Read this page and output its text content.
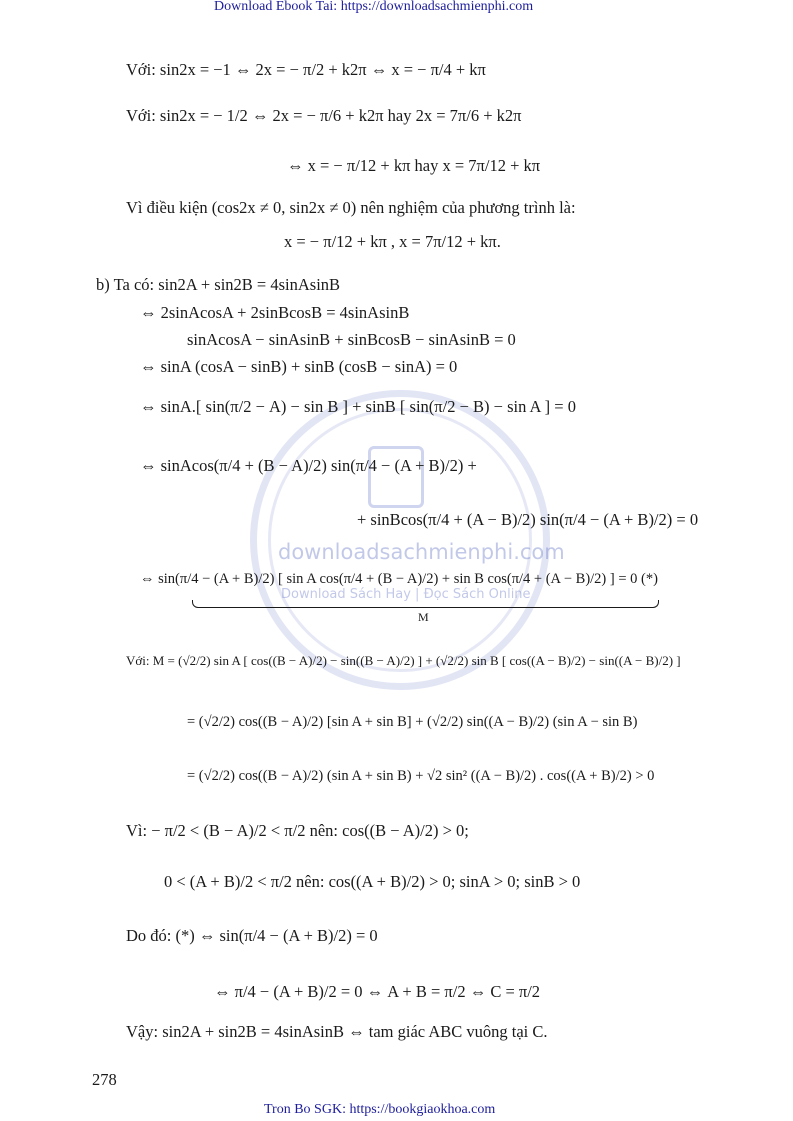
downloadsachmienphi.com
Download Sách Hay | Đọc Sách Online
Download Ebook Tai: https://downloadsachmienphi.com
Với: sin2x = −1 ⇔ 2x = − π/2 + k2π ⇔ x = − π/4 + kπ
Với: sin2x = − 1/2 ⇔ 2x = − π/6 + k2π hay 2x = 7π/6 + k2π
⇔ x = − π/12 + kπ hay x = 7π/12 + kπ
Vì điều kiện (cos2x ≠ 0, sin2x ≠ 0) nên nghiệm của phương trình là:
x = − π/12 + kπ , x = 7π/12 + kπ.
b) Ta có: sin2A + sin2B = 4sinAsinB
⇔ 2sinAcosA + 2sinBcosB = 4sinAsinB
sinAcosA − sinAsinB + sinBcosB − sinAsinB = 0
⇔ sinA (cosA − sinB) + sinB (cosB − sinA) = 0
⇔ sinA.[ sin(π/2 − A) − sin B ] + sinB [ sin(π/2 − B) − sin A ] = 0
⇔ sinAcos(π/4 + (B − A)/2) sin(π/4 − (A + B)/2) +
+ sinBcos(π/4 + (A − B)/2) sin(π/4 − (A + B)/2) = 0
⇔ sin(π/4 − (A + B)/2) [ sin A cos(π/4 + (B − A)/2) + sin B cos(π/4 + (A − B)/2) ] = 0 (*)
M
Với: M = (√2/2) sin A [ cos((B − A)/2) − sin((B − A)/2) ] + (√2/2) sin B [ cos((A − B)/2) − sin((A − B)/2) ]
= (√2/2) cos((B − A)/2) [sin A + sin B] + (√2/2) sin((A − B)/2) (sin A − sin B)
= (√2/2) cos((B − A)/2) (sin A + sin B) + √2 sin² ((A − B)/2) . cos((A + B)/2) > 0
Vì: − π/2 < (B − A)/2 < π/2 nên: cos((B − A)/2) > 0;
0 < (A + B)/2 < π/2 nên: cos((A + B)/2) > 0; sinA > 0; sinB > 0
Do đó: (*) ⇔ sin(π/4 − (A + B)/2) = 0
⇔ π/4 − (A + B)/2 = 0 ⇔ A + B = π/2 ⇔ C = π/2
Vậy: sin2A + sin2B = 4sinAsinB ⇔ tam giác ABC vuông tại C.
278
Tron Bo SGK: https://bookgiaokhoa.com
